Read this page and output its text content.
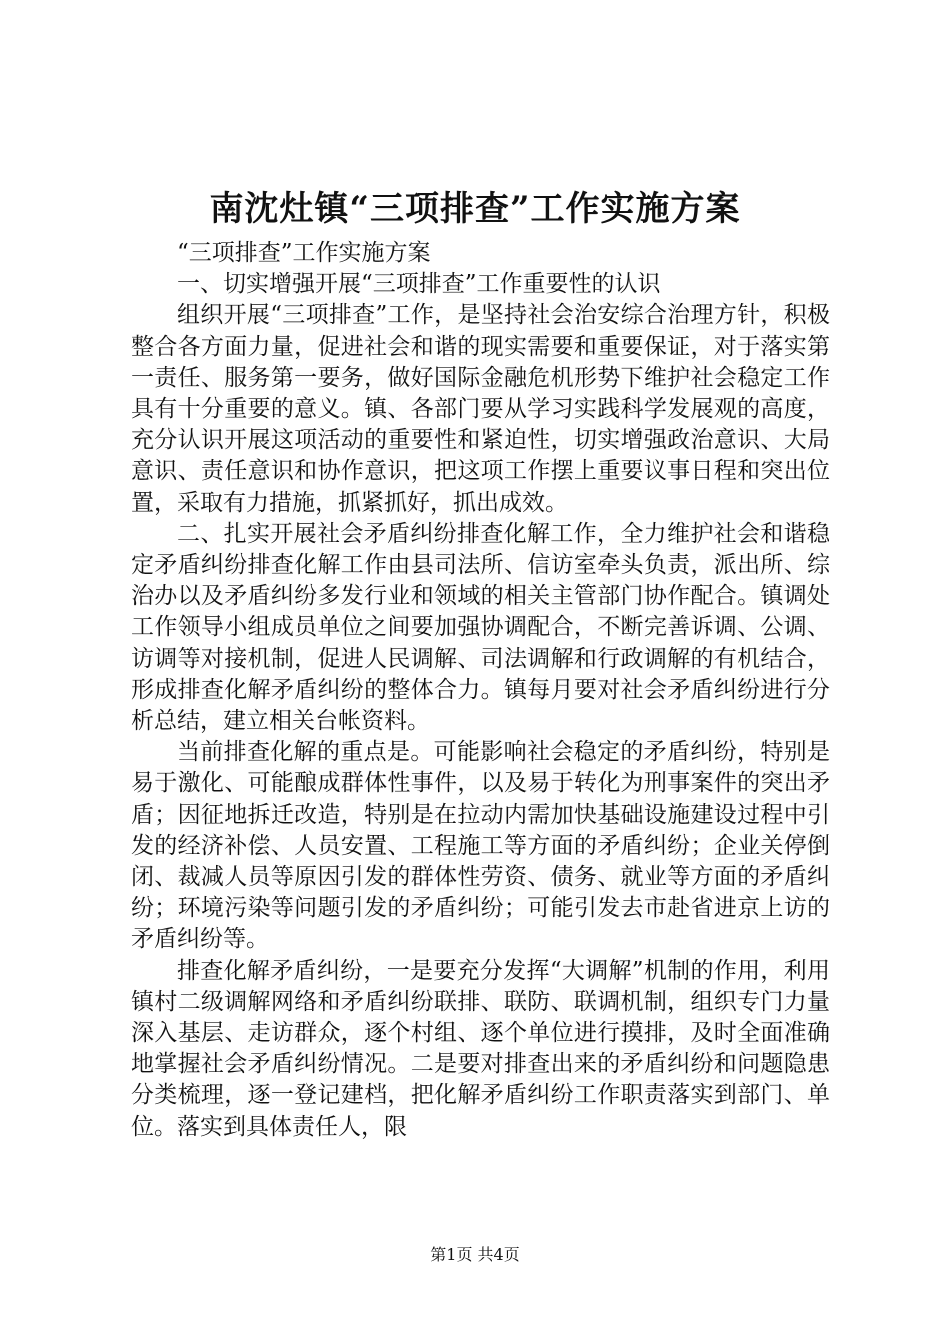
南沈灶镇“三项排查”工作实施方案

“三项排查”工作实施方案

一、切实增强开展“三项排查”工作重要性的认识

组织开展“三项排查”工作，是坚持社会治安综合治理方针，积极整合各方面力量，促进社会和谐的现实需要和重要保证，对于落实第一责任、服务第一要务，做好国际金融危机形势下维护社会稳定工作具有十分重要的意义。镇、各部门要从学习实践科学发展观的高度，充分认识开展这项活动的重要性和紧迫性，切实增强政治意识、大局意识、责任意识和协作意识，把这项工作摆上重要议事日程和突出位置，采取有力措施，抓紧抓好，抓出成效。

二、扎实开展社会矛盾纠纷排查化解工作，全力维护社会和谐稳定矛盾纠纷排查化解工作由县司法所、信访室牵头负责，派出所、综治办以及矛盾纠纷多发行业和领域的相关主管部门协作配合。镇调处工作领导小组成员单位之间要加强协调配合，不断完善诉调、公调、访调等对接机制，促进人民调解、司法调解和行政调解的有机结合，形成排查化解矛盾纠纷的整体合力。镇每月要对社会矛盾纠纷进行分析总结，建立相关台帐资料。

当前排查化解的重点是。可能影响社会稳定的矛盾纠纷，特别是易于激化、可能酿成群体性事件，以及易于转化为刑事案件的突出矛盾；因征地拆迁改造，特别是在拉动内需加快基础设施建设过程中引发的经济补偿、人员安置、工程施工等方面的矛盾纠纷；企业关停倒闭、裁减人员等原因引发的群体性劳资、债务、就业等方面的矛盾纠纷；环境污染等问题引发的矛盾纠纷；可能引发去市赴省进京上访的矛盾纠纷等。

排查化解矛盾纠纷，一是要充分发挥“大调解”机制的作用，利用镇村二级调解网络和矛盾纠纷联排、联防、联调机制，组织专门力量深入基层、走访群众，逐个村组、逐个单位进行摸排，及时全面准确地掌握社会矛盾纠纷情况。二是要对排查出来的矛盾纠纷和问题隐患分类梳理，逐一登记建档，把化解矛盾纠纷工作职责落实到部门、单位。落实到具体责任人，限

第1页 共4页
